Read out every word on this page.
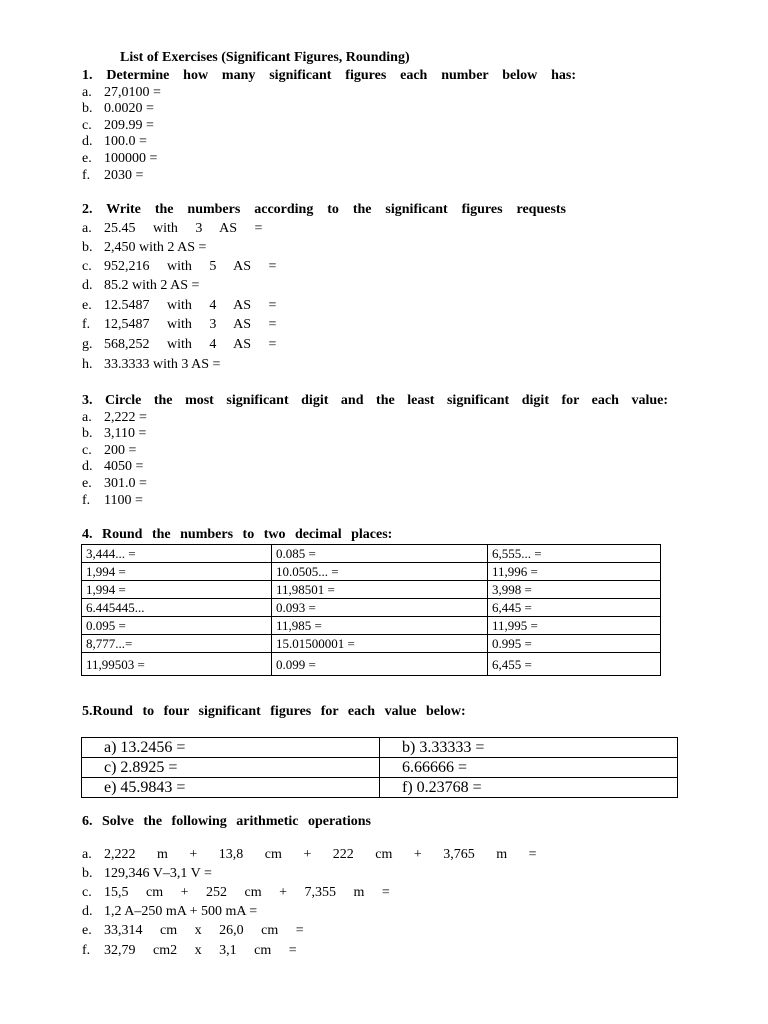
List of Exercises (Significant Figures, Rounding)
1. Determine how many significant figures each number below has:
a. 27,0100 =
b. 0.0020 =
c. 209.99 =
d. 100.0 =
e. 100000 =
f. 2030 =
2. Write the numbers according to the significant figures requests
a. 25.45 with 3 AS =
b. 2,450 with 2 AS =
c. 952,216 with 5 AS =
d. 85.2 with 2 AS =
e. 12.5487 with 4 AS =
f. 12,5487 with 3 AS =
g. 568,252 with 4 AS =
h. 33.3333 with 3 AS =
3. Circle the most significant digit and the least significant digit for each value:
a. 2,222 =
b. 3,110 =
c. 200 =
d. 4050 =
e. 301.0 =
f. 1100 =
4. Round the numbers to two decimal places:
3,444... =	0.085 =	6,555... =
1,994 =	10.0505... =	11,996 =
1,994 =	11,98501 =	3,998 =
6.445445...	0.093 =	6,445 =
0.095 =	11,985 =	11,995 =
8,777...=	15.01500001 =	0.995 =
11,99503 =	0.099 =	6,455 =
5.Round to four significant figures for each value below:
a) 13.2456 =	b) 3.33333 =
c) 2.8925 =	6.66666 =
e) 45.9843 =	f) 0.23768 =
6. Solve the following arithmetic operations
a. 2,222 m + 13,8 cm + 222 cm + 3,765 m =
b. 129,346 V–3,1 V =
c. 15,5 cm + 252 cm + 7,355 m =
d. 1,2 A–250 mA + 500 mA =
e. 33,314 cm x 26,0 cm =
f. 32,79 cm2 x 3,1 cm =
